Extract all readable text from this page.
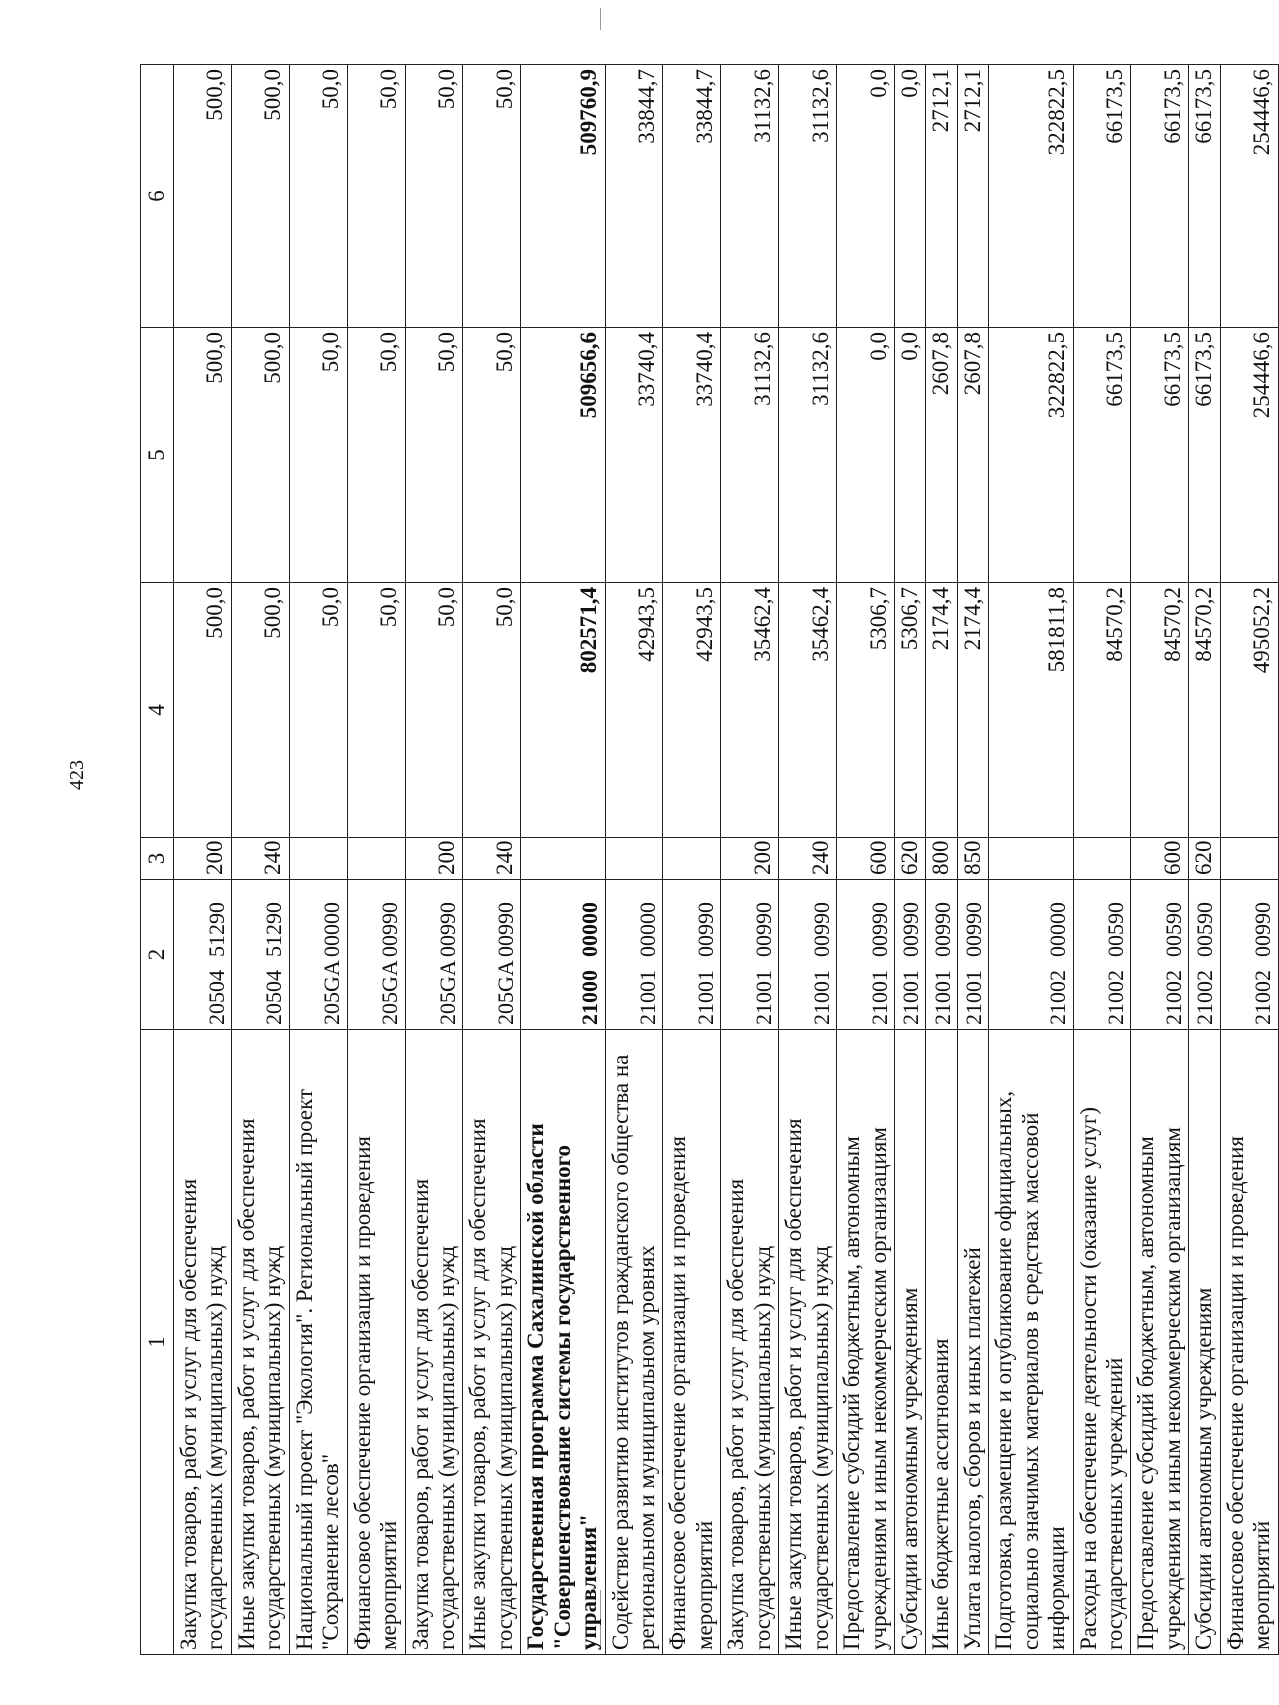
423
1	2	3	4	5	6
Закупка товаров, работ и услуг для обеспечения государственных (муниципальных) нужд	2050451290	200	500,0	500,0	500,0
Иные закупки товаров, работ и услуг для обеспечения государственных (муниципальных) нужд	2050451290	240	500,0	500,0	500,0
Национальный проект "Экология". Региональный проект "Сохранение лесов"	205GA00000		50,0	50,0	50,0
Финансовое обеспечение организации и проведения мероприятий	205GA00990		50,0	50,0	50,0
Закупка товаров, работ и услуг для обеспечения государственных (муниципальных) нужд	205GA00990	200	50,0	50,0	50,0
Иные закупки товаров, работ и услуг для обеспечения государственных (муниципальных) нужд	205GA00990	240	50,0	50,0	50,0
Государственная программа Сахалинской области "Совершенствование системы государственного управления"	2100000000		802571,4	509656,6	509760,9
Содействие развитию институтов гражданского общества на региональном и муниципальном уровнях	2100100000		42943,5	33740,4	33844,7
Финансовое обеспечение организации и проведения мероприятий	2100100990		42943,5	33740,4	33844,7
Закупка товаров, работ и услуг для обеспечения государственных (муниципальных) нужд	2100100990	200	35462,4	31132,6	31132,6
Иные закупки товаров, работ и услуг для обеспечения государственных (муниципальных) нужд	2100100990	240	35462,4	31132,6	31132,6
Предоставление субсидий бюджетным, автономным учреждениям и иным некоммерческим организациям	2100100990	600	5306,7	0,0	0,0
Субсидии автономным учреждениям	2100100990	620	5306,7	0,0	0,0
Иные бюджетные ассигнования	2100100990	800	2174,4	2607,8	2712,1
Уплата налогов, сборов и иных платежей	2100100990	850	2174,4	2607,8	2712,1
Подготовка, размещение и опубликование официальных, социально значимых материалов в средствах массовой информации	2100200000		581811,8	322822,5	322822,5
Расходы на обеспечение деятельности (оказание услуг) государственных учреждений	2100200590		84570,2	66173,5	66173,5
Предоставление субсидий бюджетным, автономным учреждениям и иным некоммерческим организациям	2100200590	600	84570,2	66173,5	66173,5
Субсидии автономным учреждениям	2100200590	620	84570,2	66173,5	66173,5
Финансовое обеспечение организации и проведения мероприятий	2100200990		495052,2	254446,6	254446,6
